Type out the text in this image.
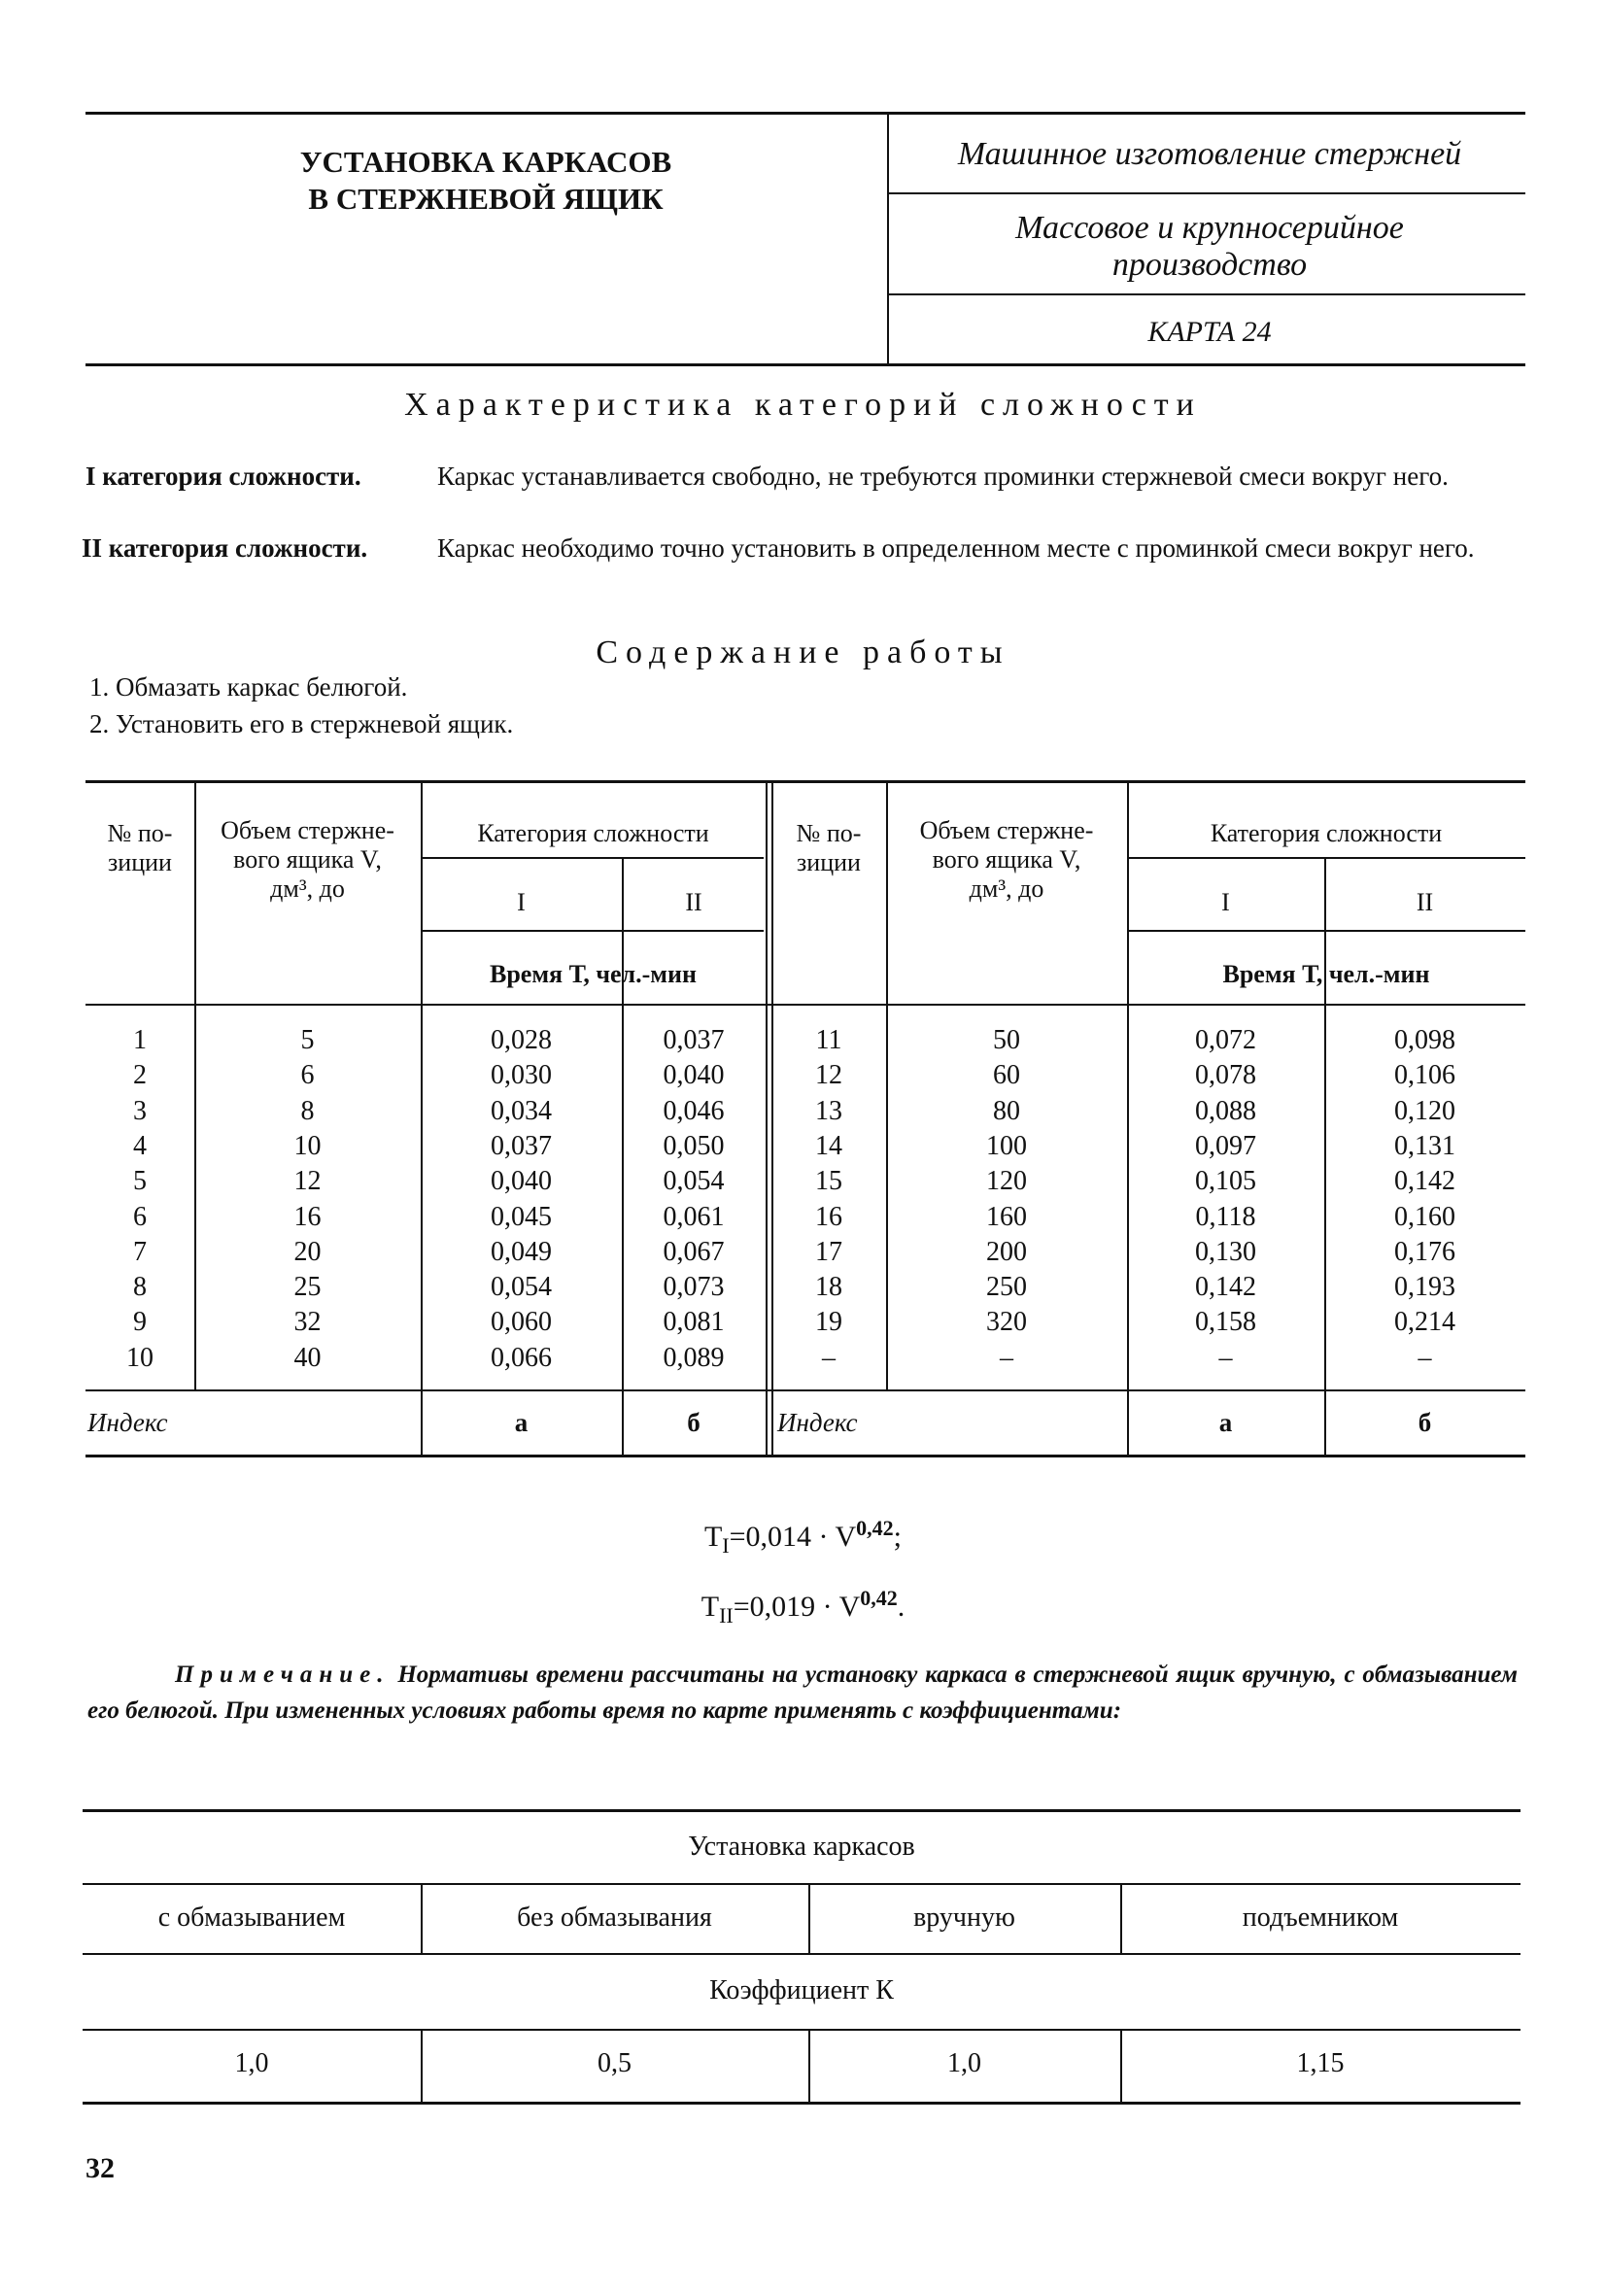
УСТАНОВКА КАРКАСОВ
В СТЕРЖНЕВОЙ ЯЩИК
Машинное изготовление стержней
Массовое и крупносерийное
производство
КАРТА 24
Характеристика категорий сложности
I категория сложности.	Каркас устанавливается свободно, не требуются проминки стержневой смеси вокруг него.
II категория сложности.	Каркас необходимо точно установить в определенном месте с проминкой смеси вокруг него.
Содержание работы
1. Обмазать каркас белюгой.
2. Установить его в стержневой ящик.
№ по- зиции
Объем стержне-
вого ящика V,
дм³, до
Категория сложности
I	II
Время Т, чел.-мин
№ по- зиции
Объем стержне-
вого ящика V,
дм³, до
Категория сложности
I	II
Время Т, чел.-мин
1	5	0,028	0,037
2	6	0,030	0,040
3	8	0,034	0,046
4	10	0,037	0,050
5	12	0,040	0,054
6	16	0,045	0,061
7	20	0,049	0,067
8	25	0,054	0,073
9	32	0,060	0,081
10	40	0,066	0,089
11	50	0,072	0,098
12	60	0,078	0,106
13	80	0,088	0,120
14	100	0,097	0,131
15	120	0,105	0,142
16	160	0,118	0,160
17	200	0,130	0,176
18	250	0,142	0,193
19	320	0,158	0,214
–	–	–	–
Индекс	а	б	Индекс	а	б
$T_I=0,014 \cdot V^{0,42}$;
$T_{II}=0,019 \cdot V^{0,42}$.
Примечание. Нормативы времени рассчитаны на установку каркаса в стержневой ящик вручную, с обмазыванием его белюгой. При измененных условиях работы время по карте применять с коэффициентами:
Установка каркасов
с обмазыванием	без обмазывания	вручную	подъемником
Коэффициент К
1,0	0,5	1,0	1,15
32
